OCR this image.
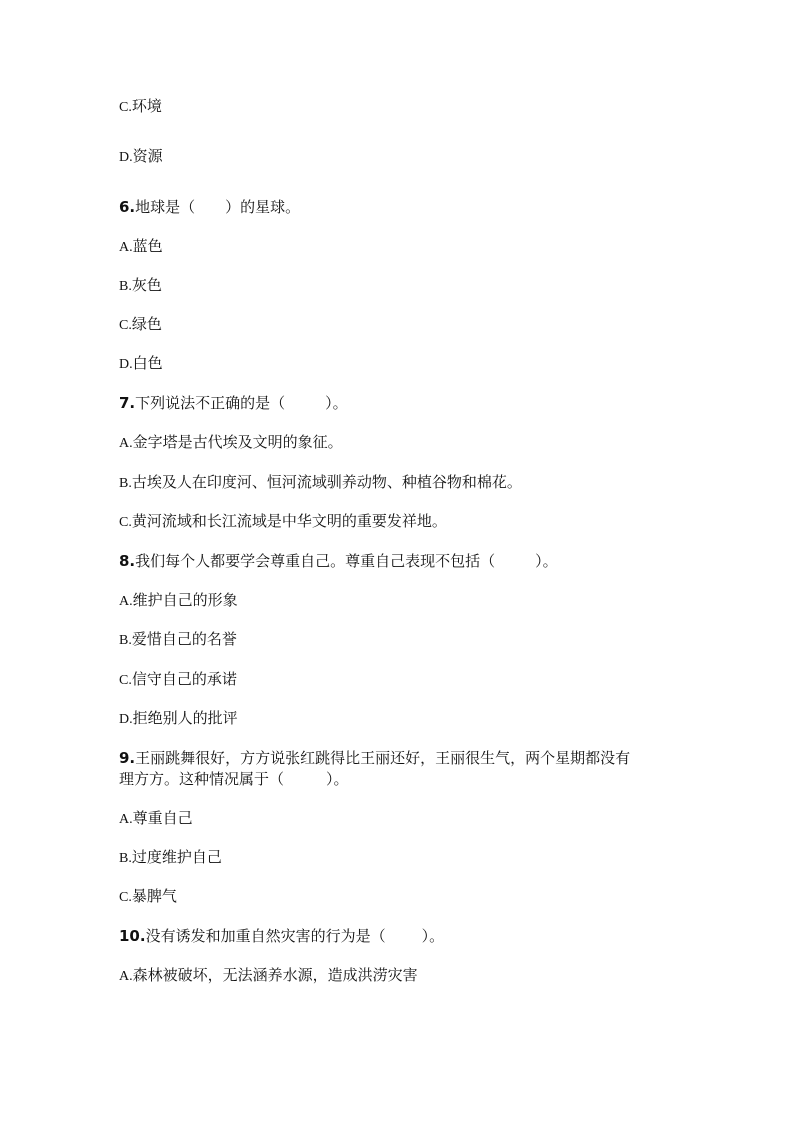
C.环境
D.资源
6.地球是（ ）的星球。
A.蓝色
B.灰色
C.绿色
D.白色
7.下列说法不正确的是（	）。
A.金字塔是古代埃及文明的象征。
B.古埃及人在印度河、恒河流域驯养动物、种植谷物和棉花。
C.黄河流域和长江流域是中华文明的重要发祥地。
8.我们每个人都要学会尊重自己。尊重自己表现不包括（	）。
A.维护自己的形象
B.爱惜自己的名誉
C.信守自己的承诺
D.拒绝别人的批评
9.王丽跳舞很好，方方说张红跳得比王丽还好，王丽很生气，两个星期都没有
理方方。这种情况属于（	）。
A.尊重自己
B.过度维护自己
C.暴脾气
10.没有诱发和加重自然灾害的行为是（ ）。
A.森林被破坏，无法涵养水源，造成洪涝灾害
